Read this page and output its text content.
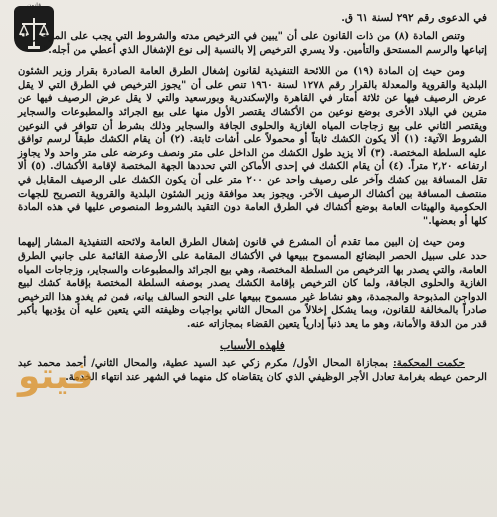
في الدعوى رقم ٢٩٢ لسنة ٦١ ق.

وتنص المادة (٨) من ذات القانون على أن "يبين في الترخيص مدته والشروط التي يجب على المرخص له إتباعها والرسم المستحق والتأمين. ولا يسري الترخيص إلا بالنسبة إلى نوع الإشغال الذي أعطي من أجله."

ومن حيث إن المادة (١٩) من اللائحة التنفيذية لقانون إشغال الطرق العامة الصادرة بقرار وزير الشئون البلدية والقروية والمعدلة بالقرار رقم ١٢٧٨ لسنة ١٩٦٠ تنص على أن "يجوز الترخيص في الطرق التي لا يقل عرض الرصيف فيها عن ثلاثة أمتار في القاهرة والإسكندرية وبورسعيد والتي لا يقل عرض الرصيف فيها عن مترين في البلاد الأخرى بوضع نوعين من الأكشاك يقتصر الأول منها على بيع الجرائد والمطبوعات والسجاير ويقتصر الثاني على بيع زجاجات المياه الغازية والحلوى الجافة والسجاير وذلك بشرط أن تتوافر في النوعين الشروط الآتية: (١) ألا يكون الكشك ثابتاً أو محمولاً على أشات ثابتة. (٢) أن يقام الكشك طبقاً لرسم توافق عليه السلطة المختصة. (٣) ألا يزيد طول الكشك من الداخل على متر ونصف وعرضه على متر واحد ولا يجاوز ارتفاعه ٢,٢٠ متراً. (٤) أن يقام الكشك في إحدى الأماكن التي تحددها الجهة المختصة لإقامة الأكشاك. (٥) ألا تقل المسافة بين كشك وآخر على رصيف واحد عن ٢٠٠ متر على أن يكون الكشك على الرصيف المقابل في منتصف المسافة بين أكشاك الرصيف الآخر. ويجوز بعد موافقة وزير الشئون البلدية والقروية التصريح للجهات الحكومية والهيئات العامة بوضع أكشاك في الطرق العامة دون التقيد بالشروط المنصوص عليها في هذه المادة كلها أو بعضها."

ومن حيث إن البين مما تقدم أن المشرع في قانون إشغال الطرق العامة ولائحته التنفيذية المشار إليهما حدد على سبيل الحصر البضائع المسموح ببيعها في الأكشاك المقامة على الأرصفة القائمة على جانبي الطرق العامة، والتي يصدر بها الترخيص من السلطة المختصة، وهي بيع الجرائد والمطبوعات والسجاير، وزجاجات المياه الغازية والحلوى الجافة، ولما كان الترخيص بإقامة الكشك يصدر بوصفه السلطة المختصة بإقامة كشك لبيع الدواجن المذبوحة والمجمدة، وهو نشاط غير مسموح ببيعها على النحو السالف بيانه، فمن ثم يغدو هذا الترخيص صادراً بالمخالفة للقانون، وبما يشكل إخلالاً من المحال الثاني بواجبات وظيفته التي يتعين عليه أن يؤديها بأكبر قدر من الدقة والأمانة، وهو ما يعد ذنباً إدارياً يتعين القضاء بمجازاته عنه.

فلهذه الأسباب

حكمت المحكمة: بمجازاة المحال الأول/ مكرم زكي عبد السيد عطية، والمحال الثاني/ أحمد محمد عبد الرحمن عيطه بغرامة تعادل الأجر الوظيفي الذي كان يتقاضاه كل منهما في الشهر عند انتهاء الخدمة.

فيتو
